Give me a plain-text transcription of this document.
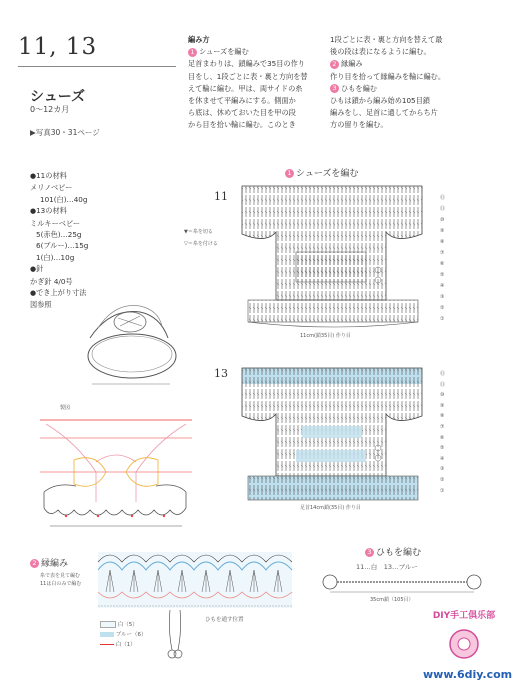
11, 13
シューズ
0〜12カ月
▶写真30・31ページ
編み方
1 シューズを編む
足首まわりは、鎖編みで35目の作り
目をし、1段ごとに表・裏と方向を替
えて輪に編む。甲は、両サイドの糸
を休ませて平編みにする。側面か
ら底は、休めておいた目を甲の段
から目を拾い輪に編む。このとき
1段ごとに表・裏と方向を替えて最
後の段は表になるように編む。
2 縁編み
作り目を拾って縁編みを輪に編む。
3 ひもを編む
ひもは鎖から編み始め105目鎖
編みをし、足首に通してからち片
方の留りを編む。
●11の材料
メリノベビー
101(白)…40g
●13の材料
ミルキーベビー
5(赤色)…25g
6(ブルー)…15g
1(白)…10g
●針
かぎ針 4/0号
●でき上がり寸法
図参照
製図
1 シューズを編む
11
▼＝糸を切る
▽＝糸を付ける
⑫
⑪
⑩
⑨
⑧
⑦
⑥
⑤
④
③
②
①
11cm(鎖35目) 作り目
13	⑫
⑪
⑩
⑨
⑧
⑦
⑥
⑤
④
③
②
①
足首14cm鎖(35目) 作り目
2 縁編み
糸で表を見て編む
11は白のみで編む
白（5）
ブルー（6）
白（1）
ひもを通す位置
3 ひもを編む
11…白　13…ブルー
35cm鎖（105目）
DIY手工俱乐部
www.6diy.com
